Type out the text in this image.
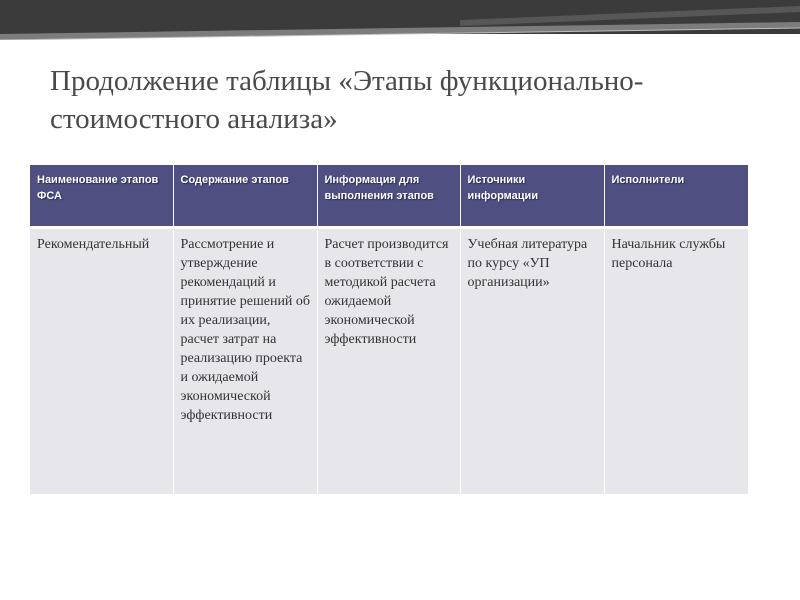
Продолжение таблицы «Этапы функционально-
стоимостного анализа»
Наименование этапов ФСА	Содержание этапов	Информация для выполнения этапов	Источники информации	Исполнители
Рекомендательный	Рассмотрение и утверждение рекомендаций и принятие решений об их реализации, расчет затрат на реализацию проекта и ожидаемой экономической эффективности	Расчет производится в соответствии с методикой расчета ожидаемой экономической эффективности	Учебная литература по курсу «УП организации»	Начальник службы персонала
